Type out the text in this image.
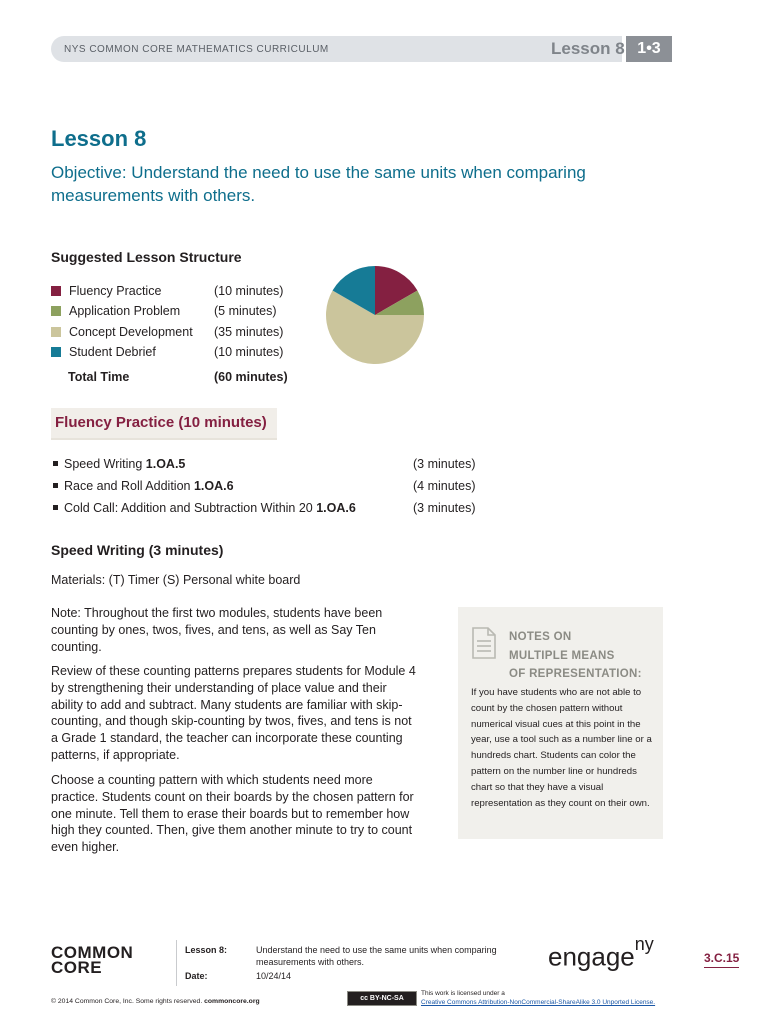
NYS COMMON CORE MATHEMATICS CURRICULUM	Lesson 8 1•3
Lesson 8
Objective: Understand the need to use the same units when comparing measurements with others.
Suggested Lesson Structure
Fluency Practice	(10 minutes)
Application Problem	(5 minutes)
Concept Development (35 minutes)
Student Debrief	(10 minutes)
Total Time	(60 minutes)
Fluency Practice (10 minutes)
Speed Writing 1.OA.5	(3 minutes)
Race and Roll Addition 1.OA.6	(4 minutes)
Cold Call: Addition and Subtraction Within 20 1.OA.6	(3 minutes)
Speed Writing (3 minutes)
Materials: (T) Timer (S) Personal white board
Note: Throughout the first two modules, students have been counting by ones, twos, fives, and tens, as well as Say Ten counting.
Review of these counting patterns prepares students for Module 4 by strengthening their understanding of place value and their ability to add and subtract. Many students are familiar with skip-counting, and though skip-counting by twos, fives, and tens is not a Grade 1 standard, the teacher can incorporate these counting patterns, if appropriate.
Choose a counting pattern with which students need more practice. Students count on their boards by the chosen pattern for one minute. Tell them to erase their boards but to remember how high they counted. Then, give them another minute to try to count even higher.
NOTES ON
MULTIPLE MEANS
OF REPRESENTATION:
If you have students who are not able to count by the chosen pattern without numerical visual cues at this point in the year, use a tool such as a number line or a hundreds chart. Students can color the pattern on the number line or hundreds chart so that they have a visual representation as they count on their own.
COMMON
CORE
Lesson 8:	Understand the need to use the same units when comparing measurements with others.
Date:	10/24/14
engage$^{ny}$
3.C.15
© 2014 Common Core, Inc. Some rights reserved. commoncore.org	cc BY-NC-SA
This work is licensed under a
Creative Commons Attribution-NonCommercial-ShareAlike 3.0 Unported License.
